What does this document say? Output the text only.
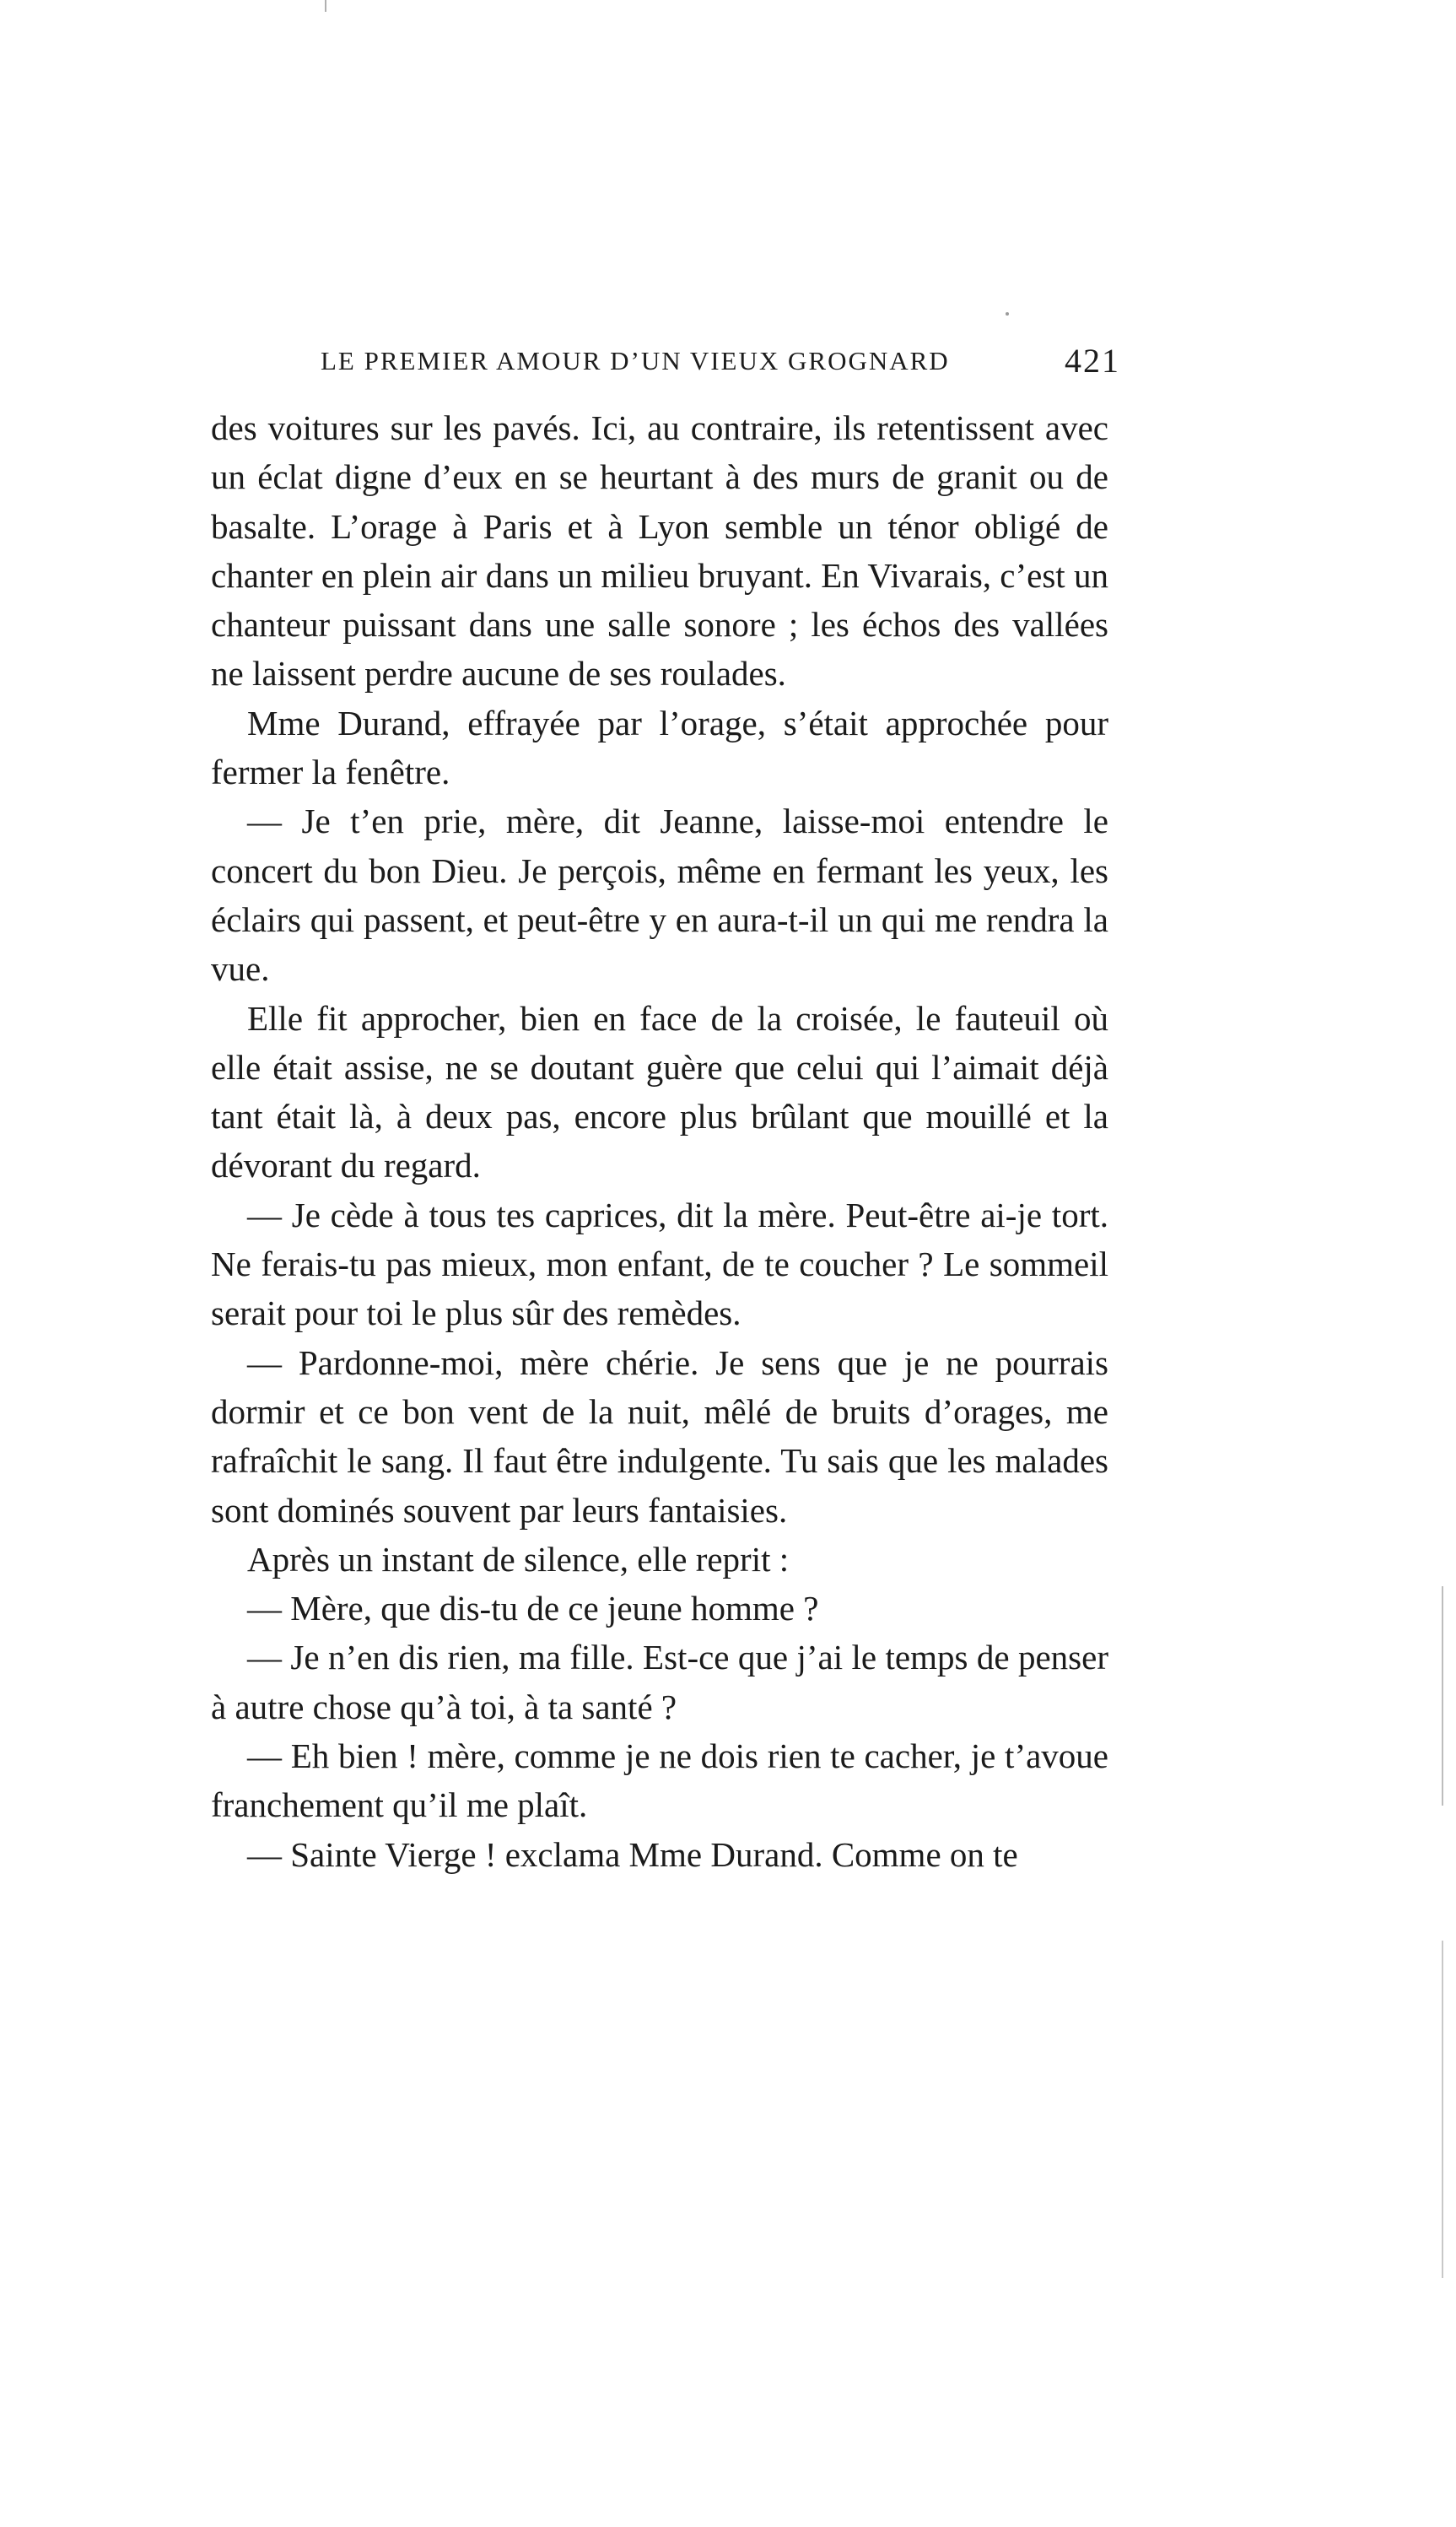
LE PREMIER AMOUR D’UN VIEUX GROGNARD	421

des voitures sur les pavés. Ici, au contraire, ils retentissent avec un éclat digne d’eux en se heurtant à des murs de granit ou de basalte. L’orage à Paris et à Lyon semble un ténor obligé de chanter en plein air dans un milieu bruyant. En Vivarais, c’est un chanteur puissant dans une salle sonore ; les échos des vallées ne laissent perdre aucune de ses roulades.

Mme Durand, effrayée par l’orage, s’était approchée pour fermer la fenêtre.

— Je t’en prie, mère, dit Jeanne, laisse-moi entendre le concert du bon Dieu. Je perçois, même en fermant les yeux, les éclairs qui passent, et peut-être y en aura-t-il un qui me rendra la vue.

Elle fit approcher, bien en face de la croisée, le fauteuil où elle était assise, ne se doutant guère que celui qui l’aimait déjà tant était là, à deux pas, encore plus brûlant que mouillé et la dévorant du regard.

— Je cède à tous tes caprices, dit la mère. Peut-être ai-je tort. Ne ferais-tu pas mieux, mon enfant, de te coucher ? Le sommeil serait pour toi le plus sûr des remèdes.

— Pardonne-moi, mère chérie. Je sens que je ne pourrais dormir et ce bon vent de la nuit, mêlé de bruits d’orages, me rafraîchit le sang. Il faut être indulgente. Tu sais que les malades sont dominés souvent par leurs fantaisies.

Après un instant de silence, elle reprit :

— Mère, que dis-tu de ce jeune homme ?

— Je n’en dis rien, ma fille. Est-ce que j’ai le temps de penser à autre chose qu’à toi, à ta santé ?

— Eh bien ! mère, comme je ne dois rien te cacher, je t’avoue franchement qu’il me plaît.

— Sainte Vierge ! exclama Mme Durand. Comme on te
